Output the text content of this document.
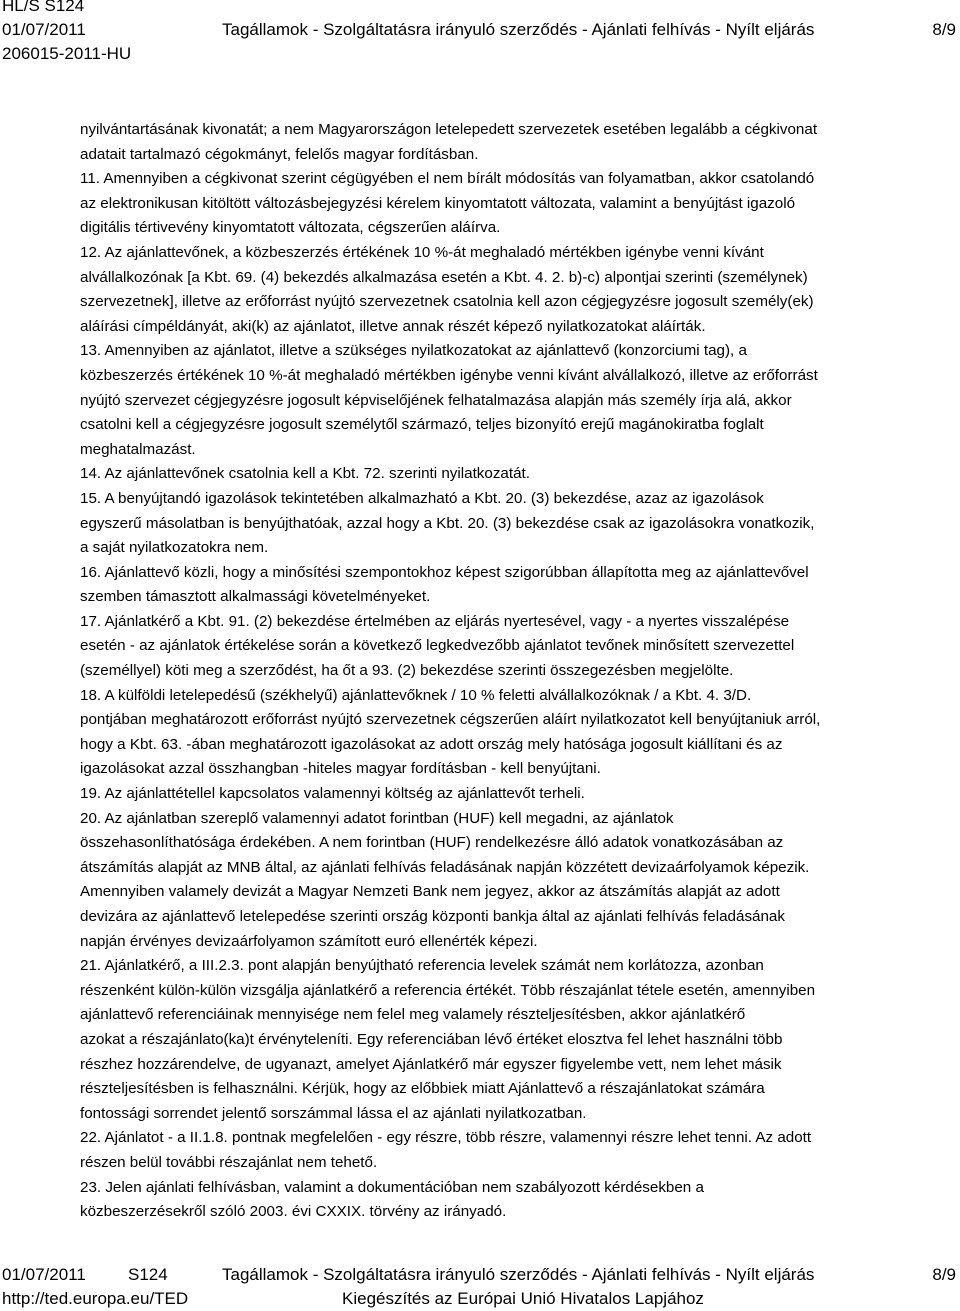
HL/S S124
01/07/2011
206015-2011-HU
Tagállamok - Szolgáltatásra irányuló szerződés - Ajánlati felhívás - Nyílt eljárás	8/9

nyilvántartásának kivonatát; a nem Magyarországon letelepedett szervezetek esetében legalább a cégkivonat

adatait tartalmazó cégokmányt, felelős magyar fordításban.

11. Amennyiben a cégkivonat szerint cégügyében el nem bírált módosítás van folyamatban, akkor csatolandó

az elektronikusan kitöltött változásbejegyzési kérelem kinyomtatott változata, valamint a benyújtást igazoló

digitális tértivevény kinyomtatott változata, cégszerűen aláírva.

12. Az ajánlattevőnek, a közbeszerzés értékének 10 %-át meghaladó mértékben igénybe venni kívánt

alvállalkozónak [a Kbt. 69. (4) bekezdés alkalmazása esetén a Kbt. 4. 2. b)-c) alpontjai szerinti (személynek)

szervezetnek], illetve az erőforrást nyújtó szervezetnek csatolnia kell azon cégjegyzésre jogosult személy(ek)

aláírási címpéldányát, aki(k) az ajánlatot, illetve annak részét képező nyilatkozatokat aláírták.

13. Amennyiben az ajánlatot, illetve a szükséges nyilatkozatokat az ajánlattevő (konzorciumi tag), a

közbeszerzés értékének 10 %-át meghaladó mértékben igénybe venni kívánt alvállalkozó, illetve az erőforrást

nyújtó szervezet cégjegyzésre jogosult képviselőjének felhatalmazása alapján más személy írja alá, akkor

csatolni kell a cégjegyzésre jogosult személytől származó, teljes bizonyító erejű magánokiratba foglalt

meghatalmazást.

14. Az ajánlattevőnek csatolnia kell a Kbt. 72. szerinti nyilatkozatát.

15. A benyújtandó igazolások tekintetében alkalmazható a Kbt. 20. (3) bekezdése, azaz az igazolások

egyszerű másolatban is benyújthatóak, azzal hogy a Kbt. 20. (3) bekezdése csak az igazolásokra vonatkozik,

a saját nyilatkozatokra nem.

16. Ajánlattevő közli, hogy a minősítési szempontokhoz képest szigorúbban állapította meg az ajánlattevővel

szemben támasztott alkalmassági követelményeket.

17. Ajánlatkérő a Kbt. 91. (2) bekezdése értelmében az eljárás nyertesével, vagy - a nyertes visszalépése

esetén - az ajánlatok értékelése során a következő legkedvezőbb ajánlatot tevőnek minősített szervezettel

(személlyel) köti meg a szerződést, ha őt a 93. (2) bekezdése szerinti összegezésben megjelölte.

18. A külföldi letelepedésű (székhelyű) ajánlattevőknek / 10 % feletti alvállalkozóknak / a Kbt. 4. 3/D.

pontjában meghatározott erőforrást nyújtó szervezetnek cégszerűen aláírt nyilatkozatot kell benyújtaniuk arról,

hogy a Kbt. 63. -ában meghatározott igazolásokat az adott ország mely hatósága jogosult kiállítani és az

igazolásokat azzal összhangban -hiteles magyar fordításban - kell benyújtani.

19. Az ajánlattétellel kapcsolatos valamennyi költség az ajánlattevőt terheli.

20. Az ajánlatban szereplő valamennyi adatot forintban (HUF) kell megadni, az ajánlatok

összehasonlíthatósága érdekében. A nem forintban (HUF) rendelkezésre álló adatok vonatkozásában az

átszámítás alapját az MNB által, az ajánlati felhívás feladásának napján közzétett devizaárfolyamok képezik.

Amennyiben valamely devizát a Magyar Nemzeti Bank nem jegyez, akkor az átszámítás alapját az adott

devizára az ajánlattevő letelepedése szerinti ország központi bankja által az ajánlati felhívás feladásának

napján érvényes devizaárfolyamon számított euró ellenérték képezi.

21. Ajánlatkérő, a III.2.3. pont alapján benyújtható referencia levelek számát nem korlátozza, azonban

részenként külön-külön vizsgálja ajánlatkérő a referencia értékét. Több részajánlat tétele esetén, amennyiben

ajánlattevő referenciáinak mennyisége nem felel meg valamely részteljesítésben, akkor ajánlatkérő

azokat a részajánlato(ka)t érvényteleníti. Egy referenciában lévő értéket elosztva fel lehet használni több

részhez hozzárendelve, de ugyanazt, amelyet Ajánlatkérő már egyszer figyelembe vett, nem lehet másik

részteljesítésben is felhasználni. Kérjük, hogy az előbbiek miatt Ajánlattevő a részajánlatokat számára

fontossági sorrendet jelentő sorszámmal lássa el az ajánlati nyilatkozatban.

22. Ajánlatot - a II.1.8. pontnak megfelelően - egy részre, több részre, valamennyi részre lehet tenni. Az adott

részen belül további részajánlat nem tehető.

23. Jelen ajánlati felhívásban, valamint a dokumentációban nem szabályozott kérdésekben a

közbeszerzésekről szóló 2003. évi CXXIX. törvény az irányadó.

01/07/2011 S124	Tagállamok - Szolgáltatásra irányuló szerződés - Ajánlati felhívás - Nyílt eljárás	8/9
http://ted.europa.eu/TED	Kiegészítés az Európai Unió Hivatalos Lapjához
